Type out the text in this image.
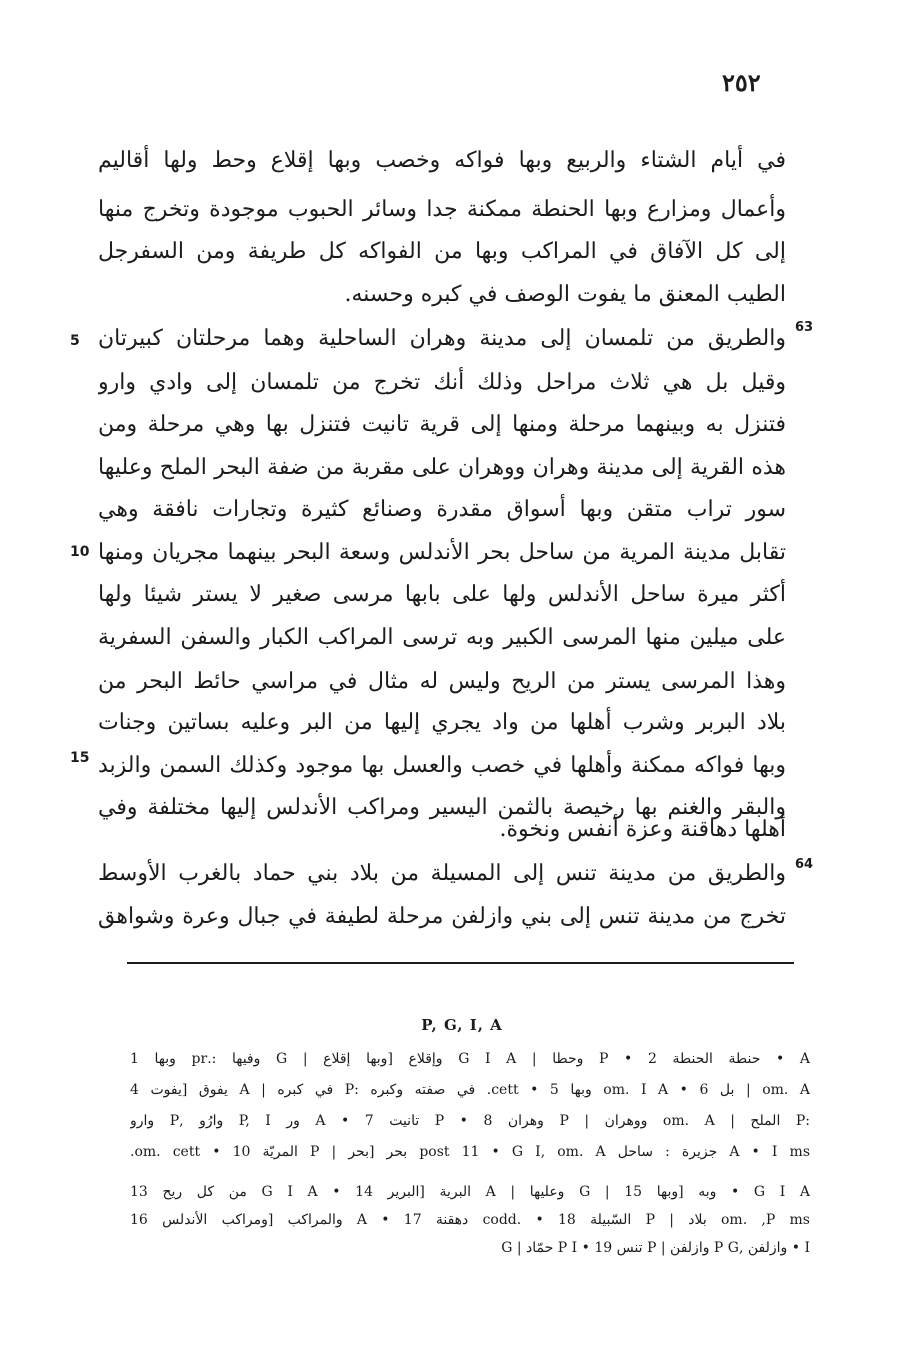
٢٥٢
في أيام الشتاء والربيع وبها فواكه وخصب وبها إقلاع وحط ولها أقاليم
وأعمال ومزارع وبها الحنطة ممكنة جدا وسائر الحبوب موجودة وتخرج منها
إلى كل الآفاق في المراكب وبها من الفواكه كل طريفة ومن السفرجل
الطيب المعنق ما يفوت الوصف في كبره وحسنه.
والطريق من تلمسان إلى مدينة وهران الساحلية وهما مرحلتان كبيرتان
وقيل بل هي ثلاث مراحل وذلك أنك تخرج من تلمسان إلى وادي وارو
فتنزل به وبينهما مرحلة ومنها إلى قرية تانيت فتنزل بها وهي مرحلة ومن
هذه القرية إلى مدينة وهران ووهران على مقربة من ضفة البحر الملح وعليها
سور تراب متقن وبها أسواق مقدرة وصنائع كثيرة وتجارات نافقة وهي
تقابل مدينة المرية من ساحل بحر الأندلس وسعة البحر بينهما مجريان ومنها
أكثر ميرة ساحل الأندلس ولها على بابها مرسى صغير لا يستر شيئا ولها
على ميلين منها المرسى الكبير وبه ترسى المراكب الكبار والسفن السفرية
وهذا المرسى يستر من الريح وليس له مثال في مراسي حائط البحر من
بلاد البربر وشرب أهلها من واد يجري إليها من البر وعليه بساتين وجنات
وبها فواكه ممكنة وأهلها في خصب والعسل بها موجود وكذلك السمن والزبد
والبقر والغنم بها رخيصة بالثمن اليسير ومراكب الأندلس إليها مختلفة وفي
أهلها دهاقنة وعزة أنفس ونخوة.
والطريق من مدينة تنس إلى المسيلة من بلاد بني حماد بالغرب الأوسط
تخرج من مدينة تنس إلى بني وازلفن مرحلة لطيفة في جبال وعرة وشواهق
63
64
5
10
15
P, G, I, A
A • حنطة الحنطة 2 • P وحطا | G I A وإقلاع [وبها إقلاع | G وفيها :.pr وبها 1
om. A | بل 6 • om. I A وبها 5 • cett. في صفته وكبره :P في كبره | A يفوق [يفوت 4
:P الملح | om. A ووهران | P وهران 8 • P تانيت 7 • A ور P, I وارُو ,P وارو
A • I ms جزيرة : ساحل post 11 • G I, om. A بحر [بحر | P المريّة 10 • om. cett.
G I A • وبه [وبها 15 | G وعليها | A البرية [البرير 14 • G I A من كل ريح 13
om. ,P ms بلاد | P السّبيلة 18 • .codd دهقنة 17 • A والمراكب [ومراكب الأندلس 16
I • وازلفن ,P G وازلفن | P تنس 19 • P I حمّاد | G
